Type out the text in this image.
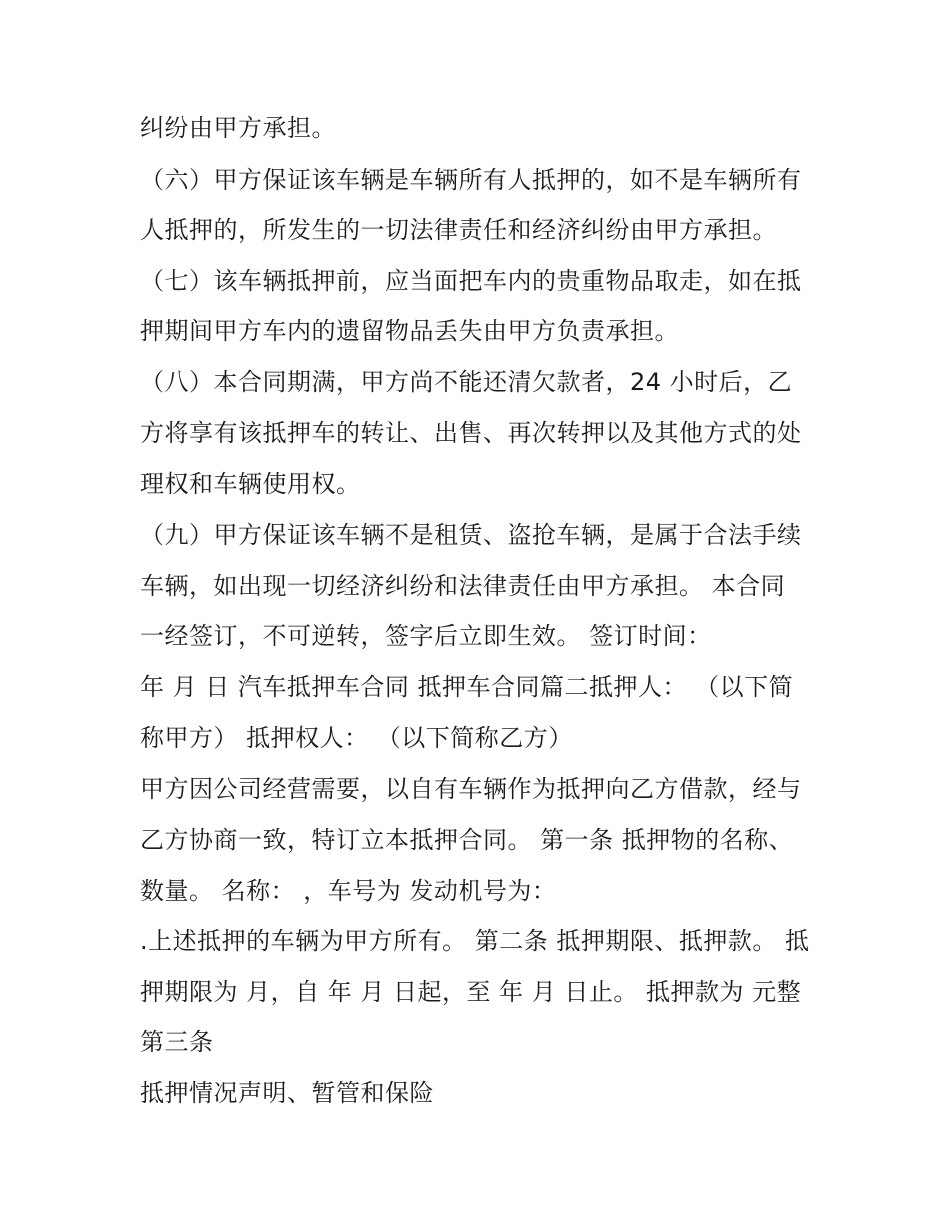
纠纷由甲方承担。
（六）甲方保证该车辆是车辆所有人抵押的，如不是车辆所有
人抵押的，所发生的一切法律责任和经济纠纷由甲方承担。
（七）该车辆抵押前，应当面把车内的贵重物品取走，如在抵
押期间甲方车内的遗留物品丢失由甲方负责承担。
（八）本合同期满，甲方尚不能还清欠款者，24 小时后，乙
方将享有该抵押车的转让、出售、再次转押以及其他方式的处
理权和车辆使用权。
（九）甲方保证该车辆不是租赁、盗抢车辆，是属于合法手续
车辆，如出现一切经济纠纷和法律责任由甲方承担。 本合同
一经签订，不可逆转，签字后立即生效。 签订时间：
年 月 日 汽车抵押车合同 抵押车合同篇二抵押人： （以下简
称甲方） 抵押权人： （以下简称乙方）
甲方因公司经营需要，以自有车辆作为抵押向乙方借款，经与
乙方协商一致，特订立本抵押合同。 第一条 抵押物的名称、
数量。 名称： ，车号为 发动机号为：
.上述抵押的车辆为甲方所有。 第二条 抵押期限、抵押款。 抵
押期限为 月，自 年 月 日起，至 年 月 日止。 抵押款为 元整
第三条
抵押情况声明、暂管和保险
